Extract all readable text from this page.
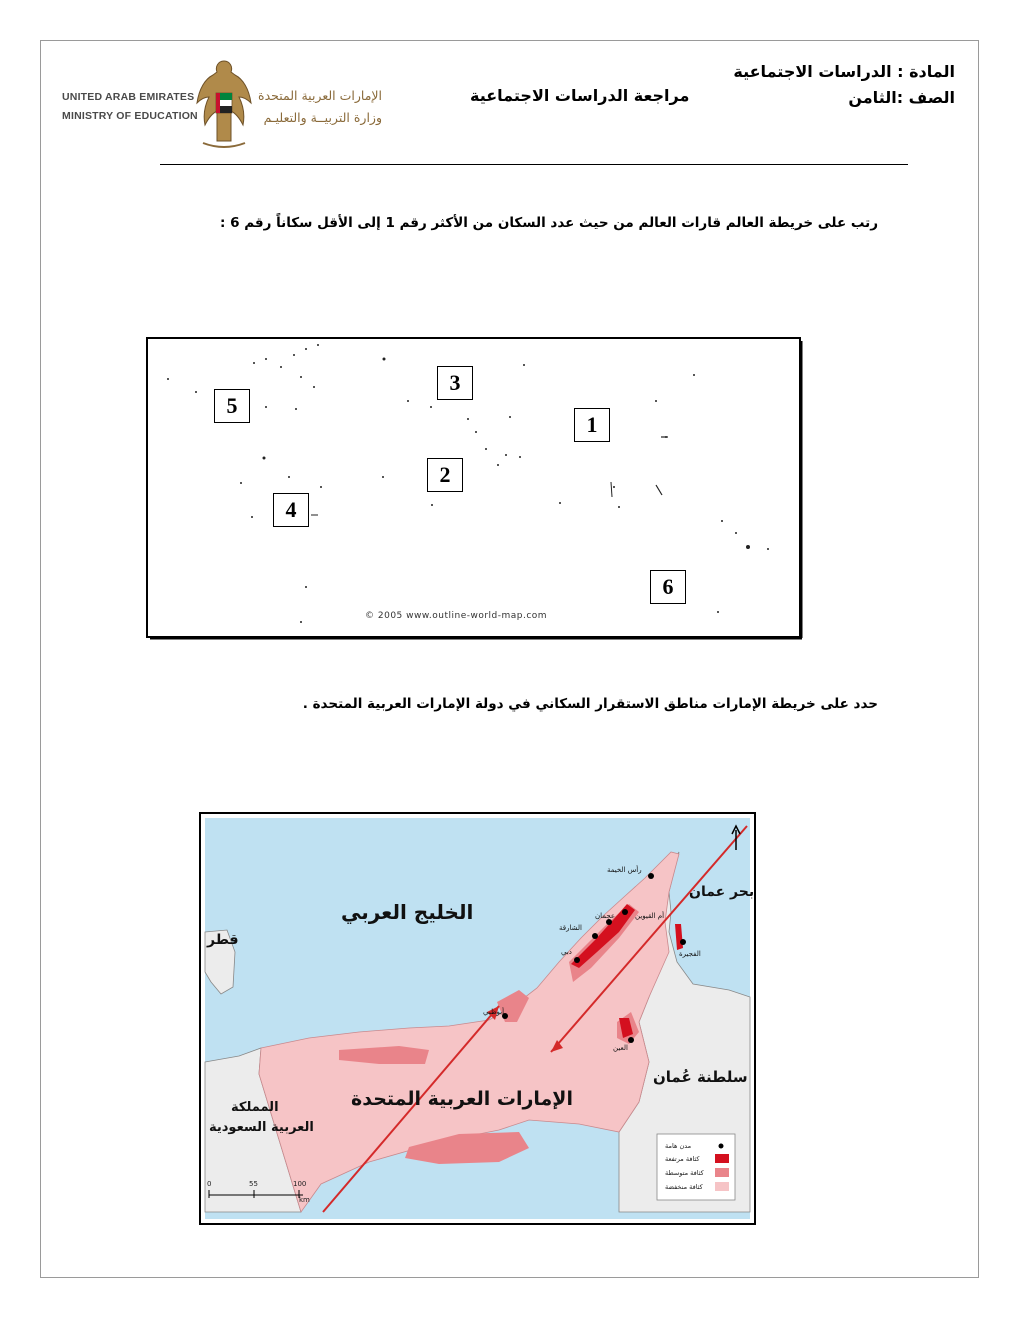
UNITED ARAB EMIRATES
MINISTRY OF EDUCATION
الإمارات العربية المتحدة
وزارة التربيــة والتعليـم
مراجعة الدراسات الاجتماعية
المادة : الدراسات الاجتماعية
الصف :الثامن
رتب على خريطة العالم قارات العالم من حيث عدد السكان من الأكثر رقم 1 إلى الأقل سكاناً رقم 6 :
1
2
3
4
5
6
© 2005 www.outline-world-map.com
حدد على خريطة الإمارات مناطق الاستقرار السكاني في دولة الإمارات العربية المتحدة .
الخليج العربي
قطر
بحر عمان
سلطنة عُمان
الإمارات العربية المتحدة
المملكة
العربية السعودية
رأس الخيمة
أم القيوين
عجمان
الشارقة
دبي	الفجيرة
أبوظبي
العين
مدن هامة
كثافة مرتفعة
كثافة متوسطة
كثافة منخفضة
0	55	100
km
